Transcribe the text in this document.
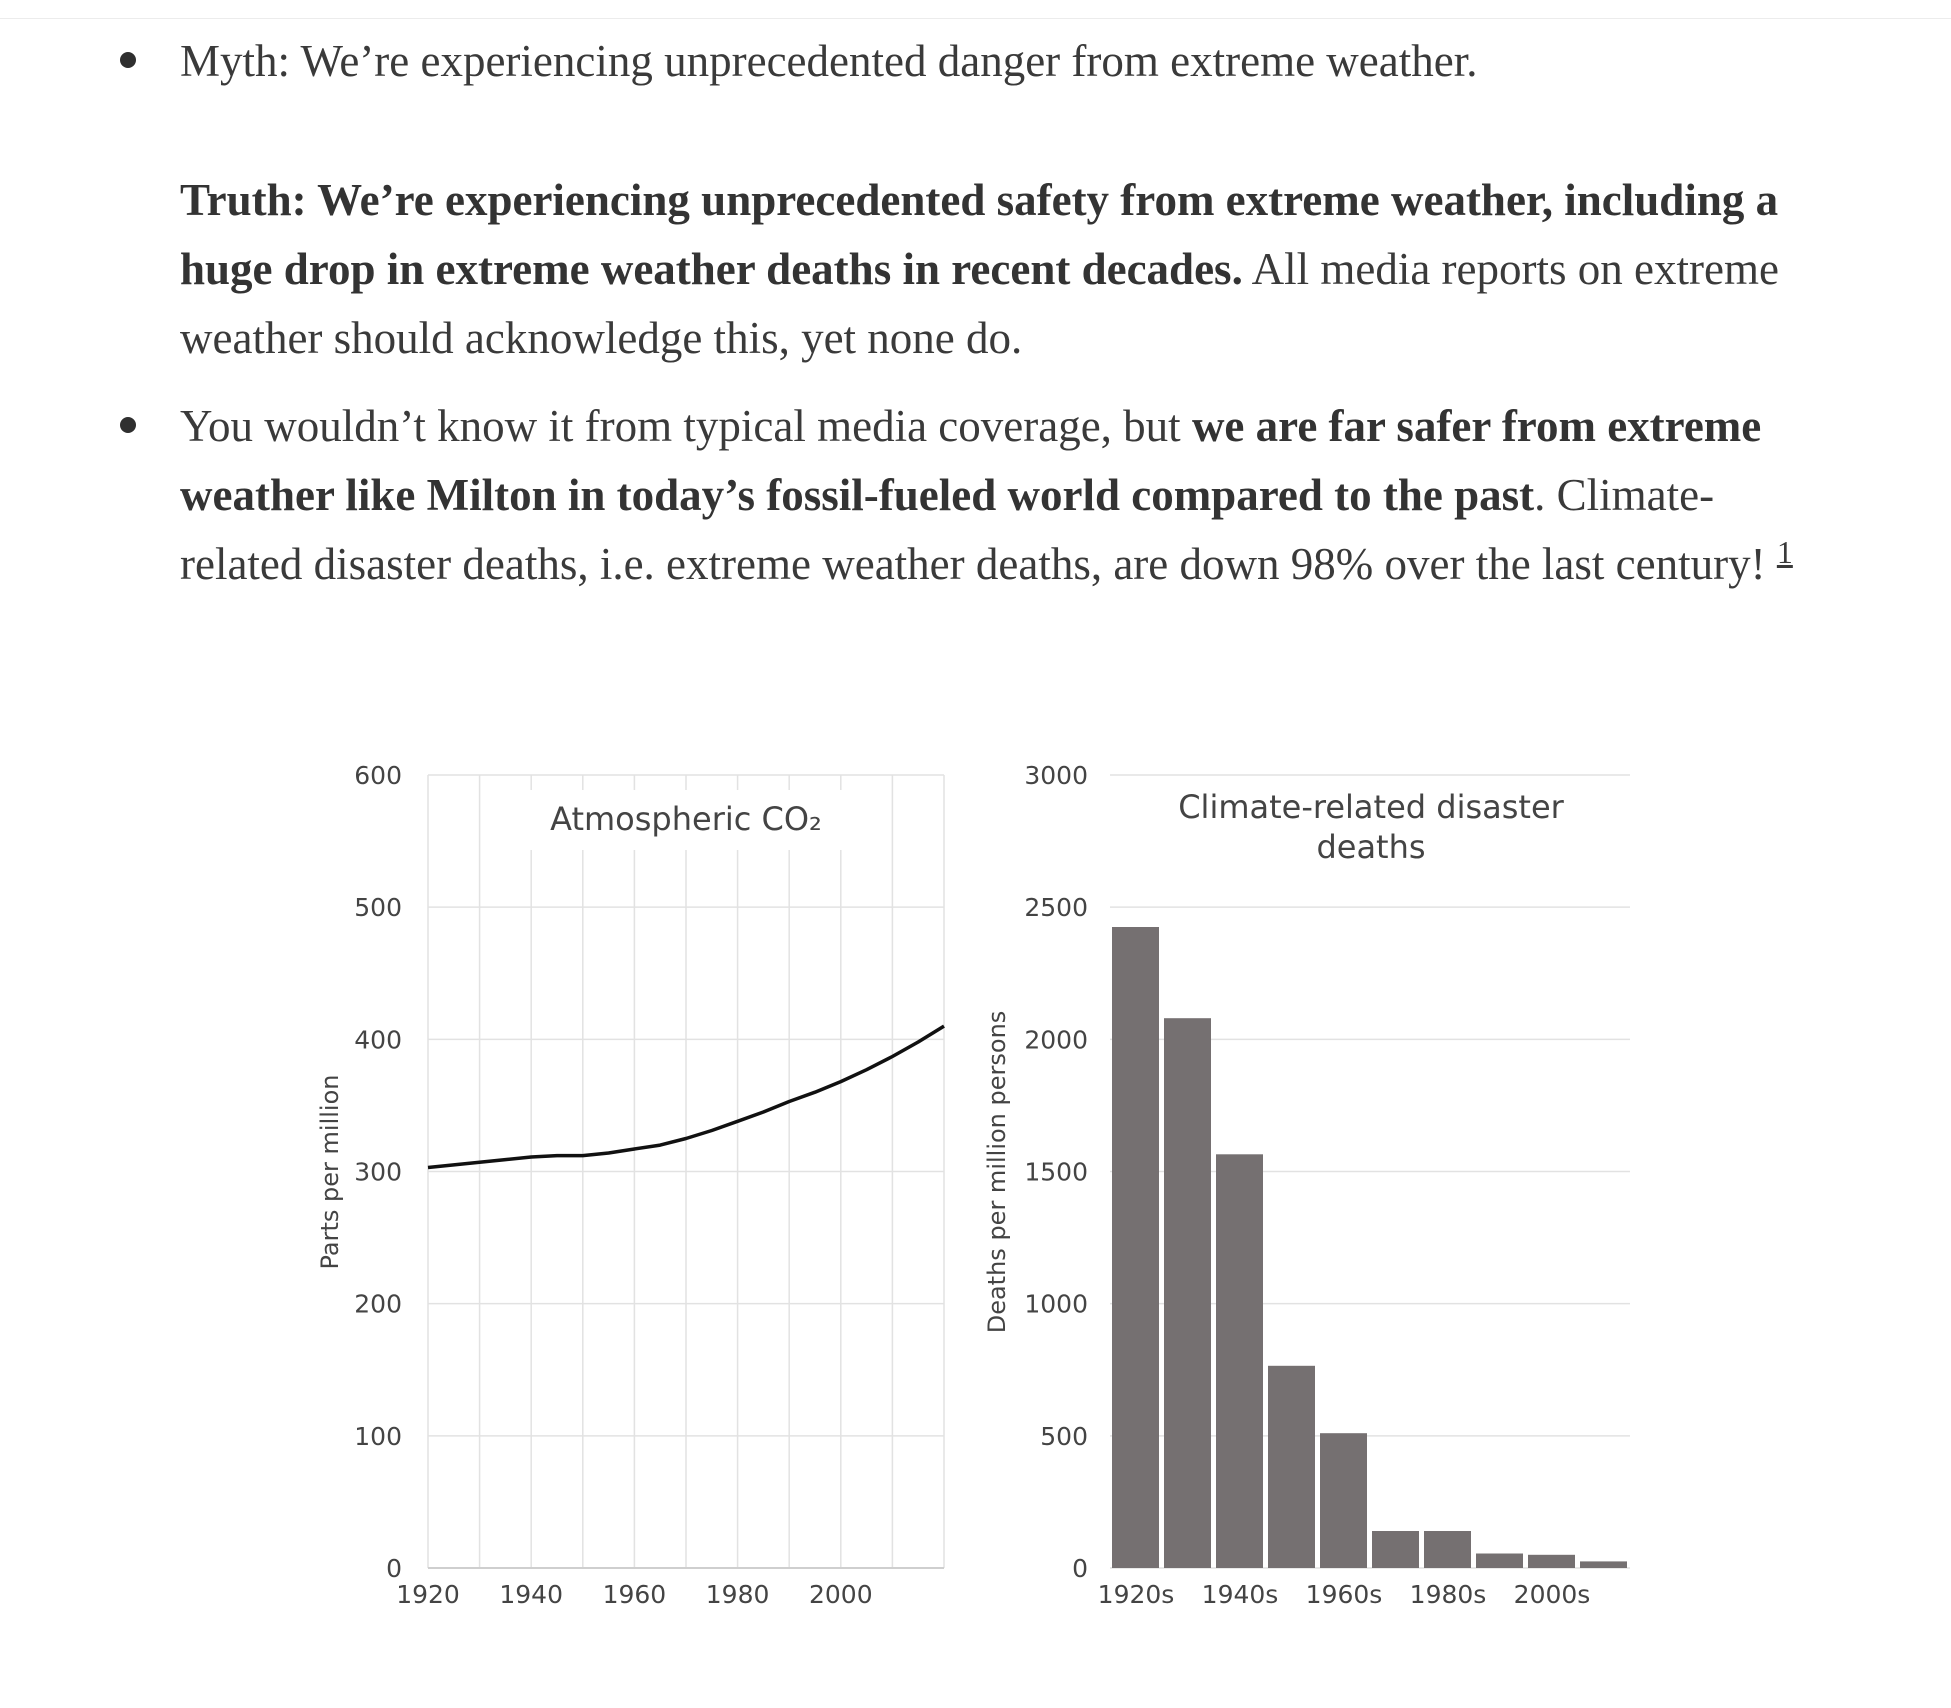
Myth: We’re experiencing unprecedented danger from extreme weather.

Truth: We’re experiencing unprecedented safety from extreme weather, including a huge drop in extreme weather deaths in recent decades. All media reports on extreme weather should acknowledge this, yet none do.

You wouldn’t know it from typical media coverage, but we are far safer from extreme weather like Milton in today’s fossil-fueled world compared to the past. Climate-related disaster deaths, i.e. extreme weather deaths, are down 98% over the last century! $^1$

0
100
200
300
400
500
600
1920 1940 1960 1980 2000
Atmospheric CO₂
Parts per million
0
500
1000
1500
2000
2500
3000
1920s 1940s 1960s 1980s 2000s
Climate-related disaster deaths
Deaths per million persons
